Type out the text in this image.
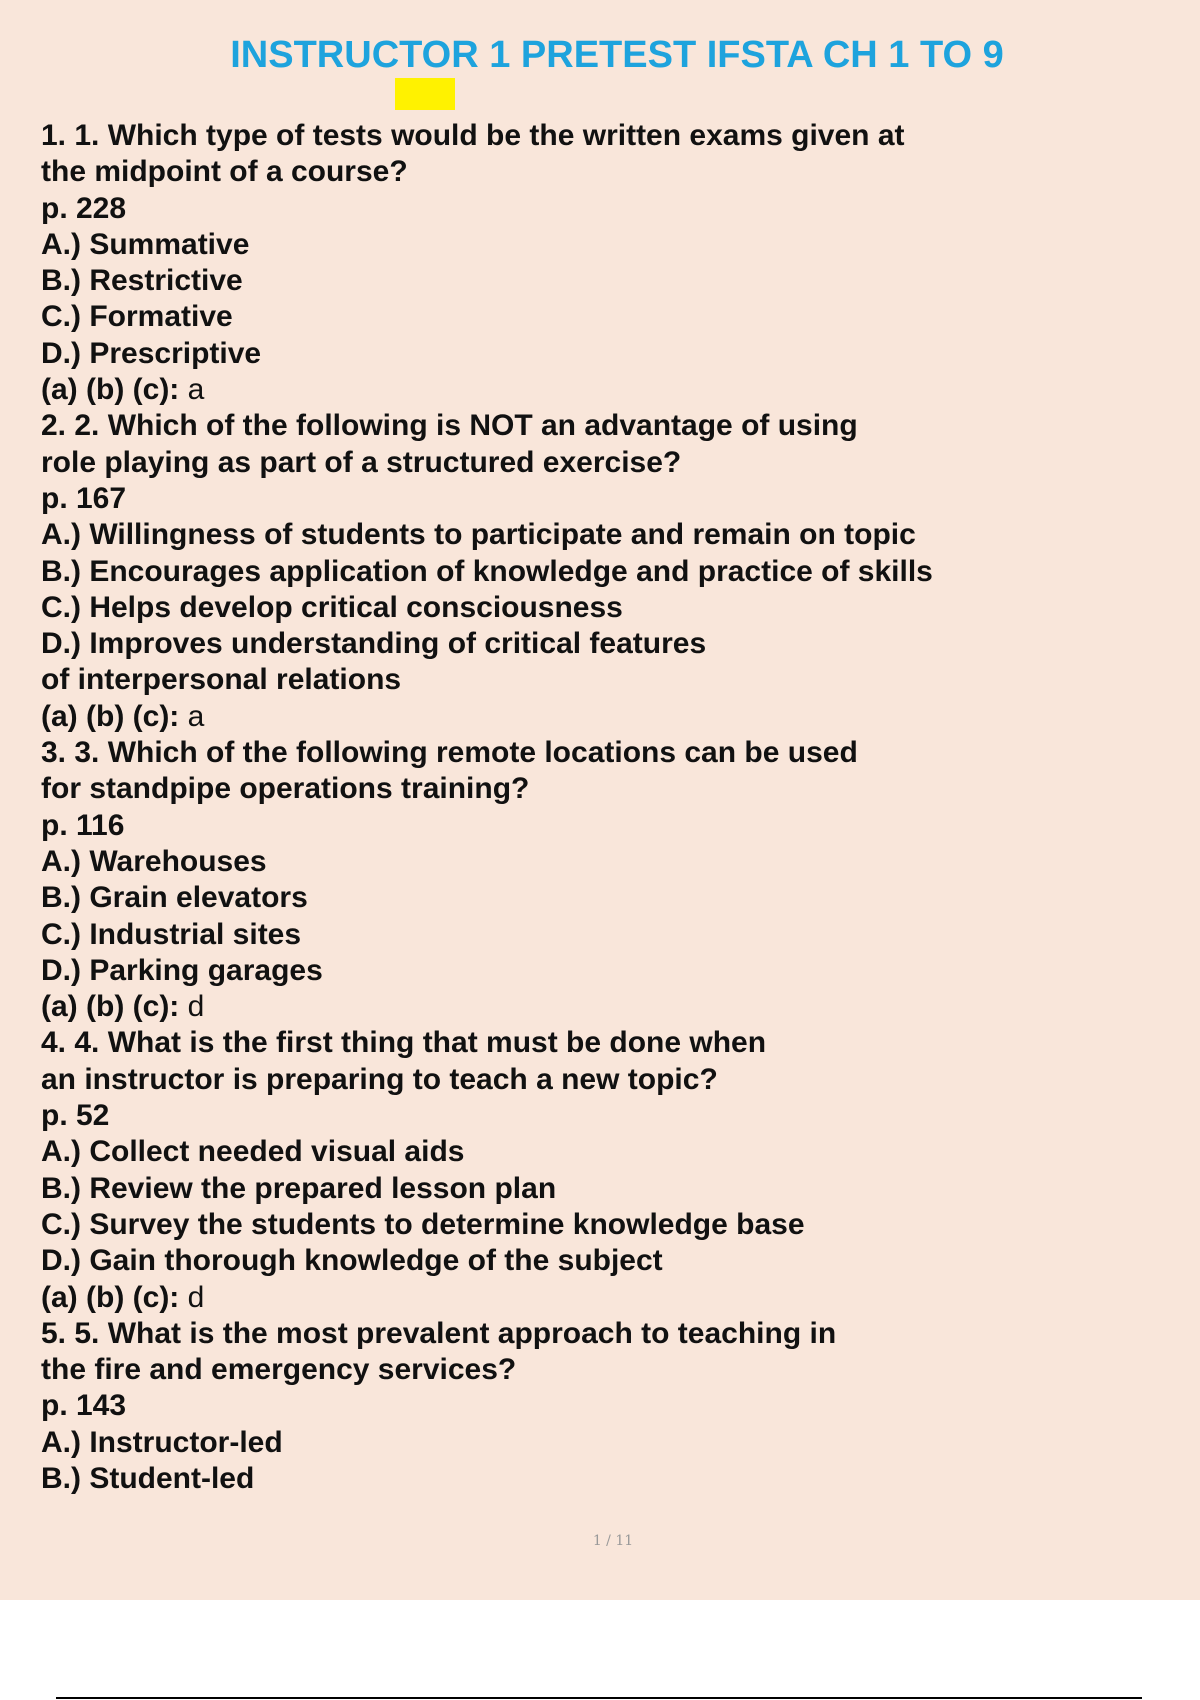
INSTRUCTOR 1 PRETEST IFSTA CH 1 TO 9
1. 1. Which type of tests would be the written exams given at
the midpoint of a course?
p. 228
A.) Summative
B.) Restrictive
C.) Formative
D.) Prescriptive
(a) (b) (c): a
2. 2. Which of the following is NOT an advantage of using
role playing as part of a structured exercise?
p. 167
A.) Willingness of students to participate and remain on topic
B.) Encourages application of knowledge and practice of skills
C.) Helps develop critical consciousness
D.) Improves understanding of critical features
of interpersonal relations
(a) (b) (c): a
3. 3. Which of the following remote locations can be used
for standpipe operations training?
p. 116
A.) Warehouses
B.) Grain elevators
C.) Industrial sites
D.) Parking garages
(a) (b) (c): d
4. 4. What is the first thing that must be done when
an instructor is preparing to teach a new topic?
p. 52
A.) Collect needed visual aids
B.) Review the prepared lesson plan
C.) Survey the students to determine knowledge base
D.) Gain thorough knowledge of the subject
(a) (b) (c): d
5. 5. What is the most prevalent approach to teaching in
the fire and emergency services?
p. 143
A.) Instructor-led
B.) Student-led
1 / 11
